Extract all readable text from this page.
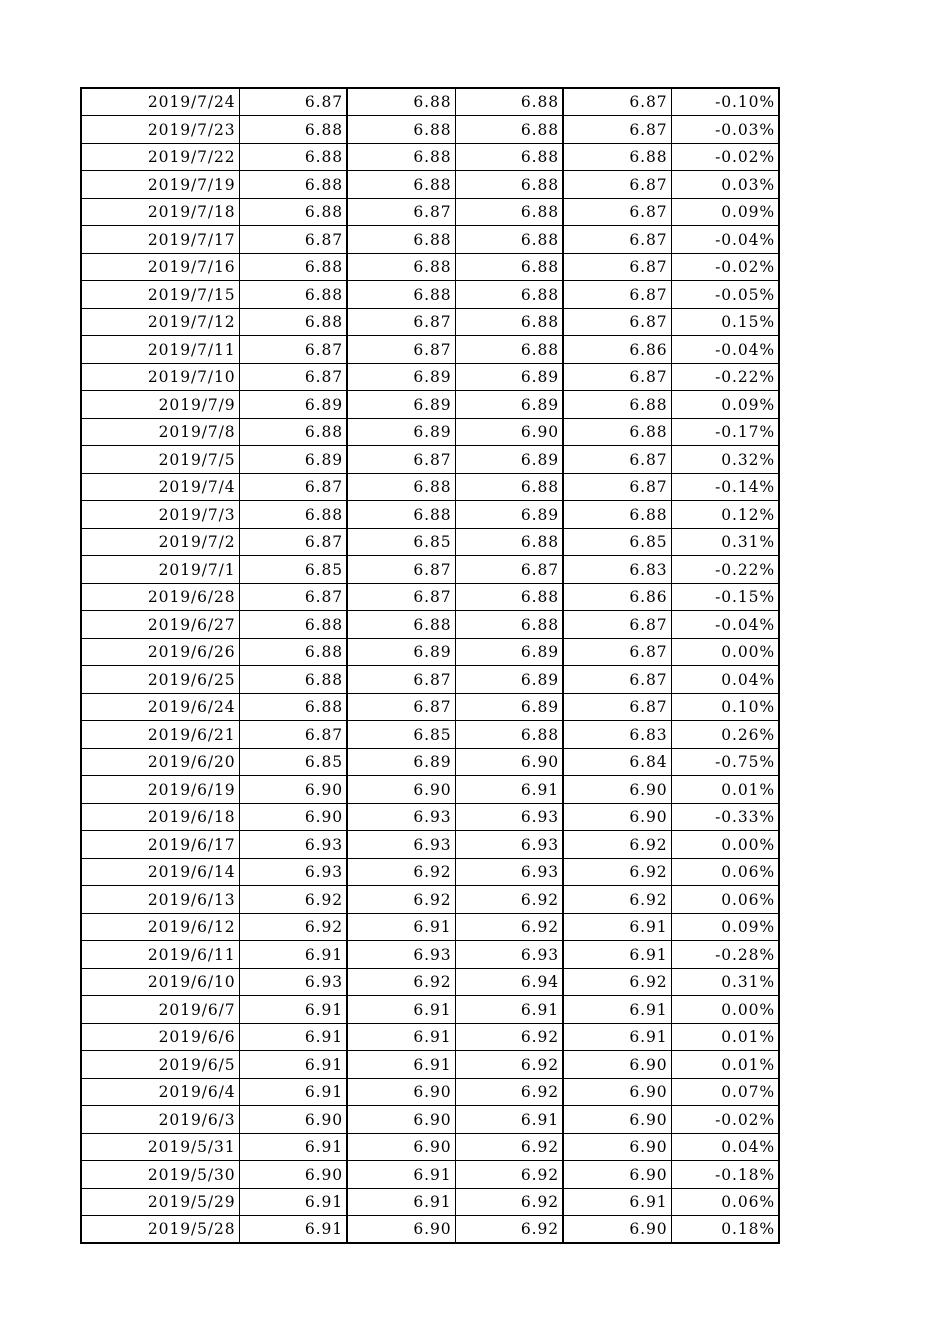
2019/7/24	6.87	6.88	6.88	6.87	-0.10%
2019/7/23	6.88	6.88	6.88	6.87	-0.03%
2019/7/22	6.88	6.88	6.88	6.88	-0.02%
2019/7/19	6.88	6.88	6.88	6.87	0.03%
2019/7/18	6.88	6.87	6.88	6.87	0.09%
2019/7/17	6.87	6.88	6.88	6.87	-0.04%
2019/7/16	6.88	6.88	6.88	6.87	-0.02%
2019/7/15	6.88	6.88	6.88	6.87	-0.05%
2019/7/12	6.88	6.87	6.88	6.87	0.15%
2019/7/11	6.87	6.87	6.88	6.86	-0.04%
2019/7/10	6.87	6.89	6.89	6.87	-0.22%
2019/7/9	6.89	6.89	6.89	6.88	0.09%
2019/7/8	6.88	6.89	6.90	6.88	-0.17%
2019/7/5	6.89	6.87	6.89	6.87	0.32%
2019/7/4	6.87	6.88	6.88	6.87	-0.14%
2019/7/3	6.88	6.88	6.89	6.88	0.12%
2019/7/2	6.87	6.85	6.88	6.85	0.31%
2019/7/1	6.85	6.87	6.87	6.83	-0.22%
2019/6/28	6.87	6.87	6.88	6.86	-0.15%
2019/6/27	6.88	6.88	6.88	6.87	-0.04%
2019/6/26	6.88	6.89	6.89	6.87	0.00%
2019/6/25	6.88	6.87	6.89	6.87	0.04%
2019/6/24	6.88	6.87	6.89	6.87	0.10%
2019/6/21	6.87	6.85	6.88	6.83	0.26%
2019/6/20	6.85	6.89	6.90	6.84	-0.75%
2019/6/19	6.90	6.90	6.91	6.90	0.01%
2019/6/18	6.90	6.93	6.93	6.90	-0.33%
2019/6/17	6.93	6.93	6.93	6.92	0.00%
2019/6/14	6.93	6.92	6.93	6.92	0.06%
2019/6/13	6.92	6.92	6.92	6.92	0.06%
2019/6/12	6.92	6.91	6.92	6.91	0.09%
2019/6/11	6.91	6.93	6.93	6.91	-0.28%
2019/6/10	6.93	6.92	6.94	6.92	0.31%
2019/6/7	6.91	6.91	6.91	6.91	0.00%
2019/6/6	6.91	6.91	6.92	6.91	0.01%
2019/6/5	6.91	6.91	6.92	6.90	0.01%
2019/6/4	6.91	6.90	6.92	6.90	0.07%
2019/6/3	6.90	6.90	6.91	6.90	-0.02%
2019/5/31	6.91	6.90	6.92	6.90	0.04%
2019/5/30	6.90	6.91	6.92	6.90	-0.18%
2019/5/29	6.91	6.91	6.92	6.91	0.06%
2019/5/28	6.91	6.90	6.92	6.90	0.18%
